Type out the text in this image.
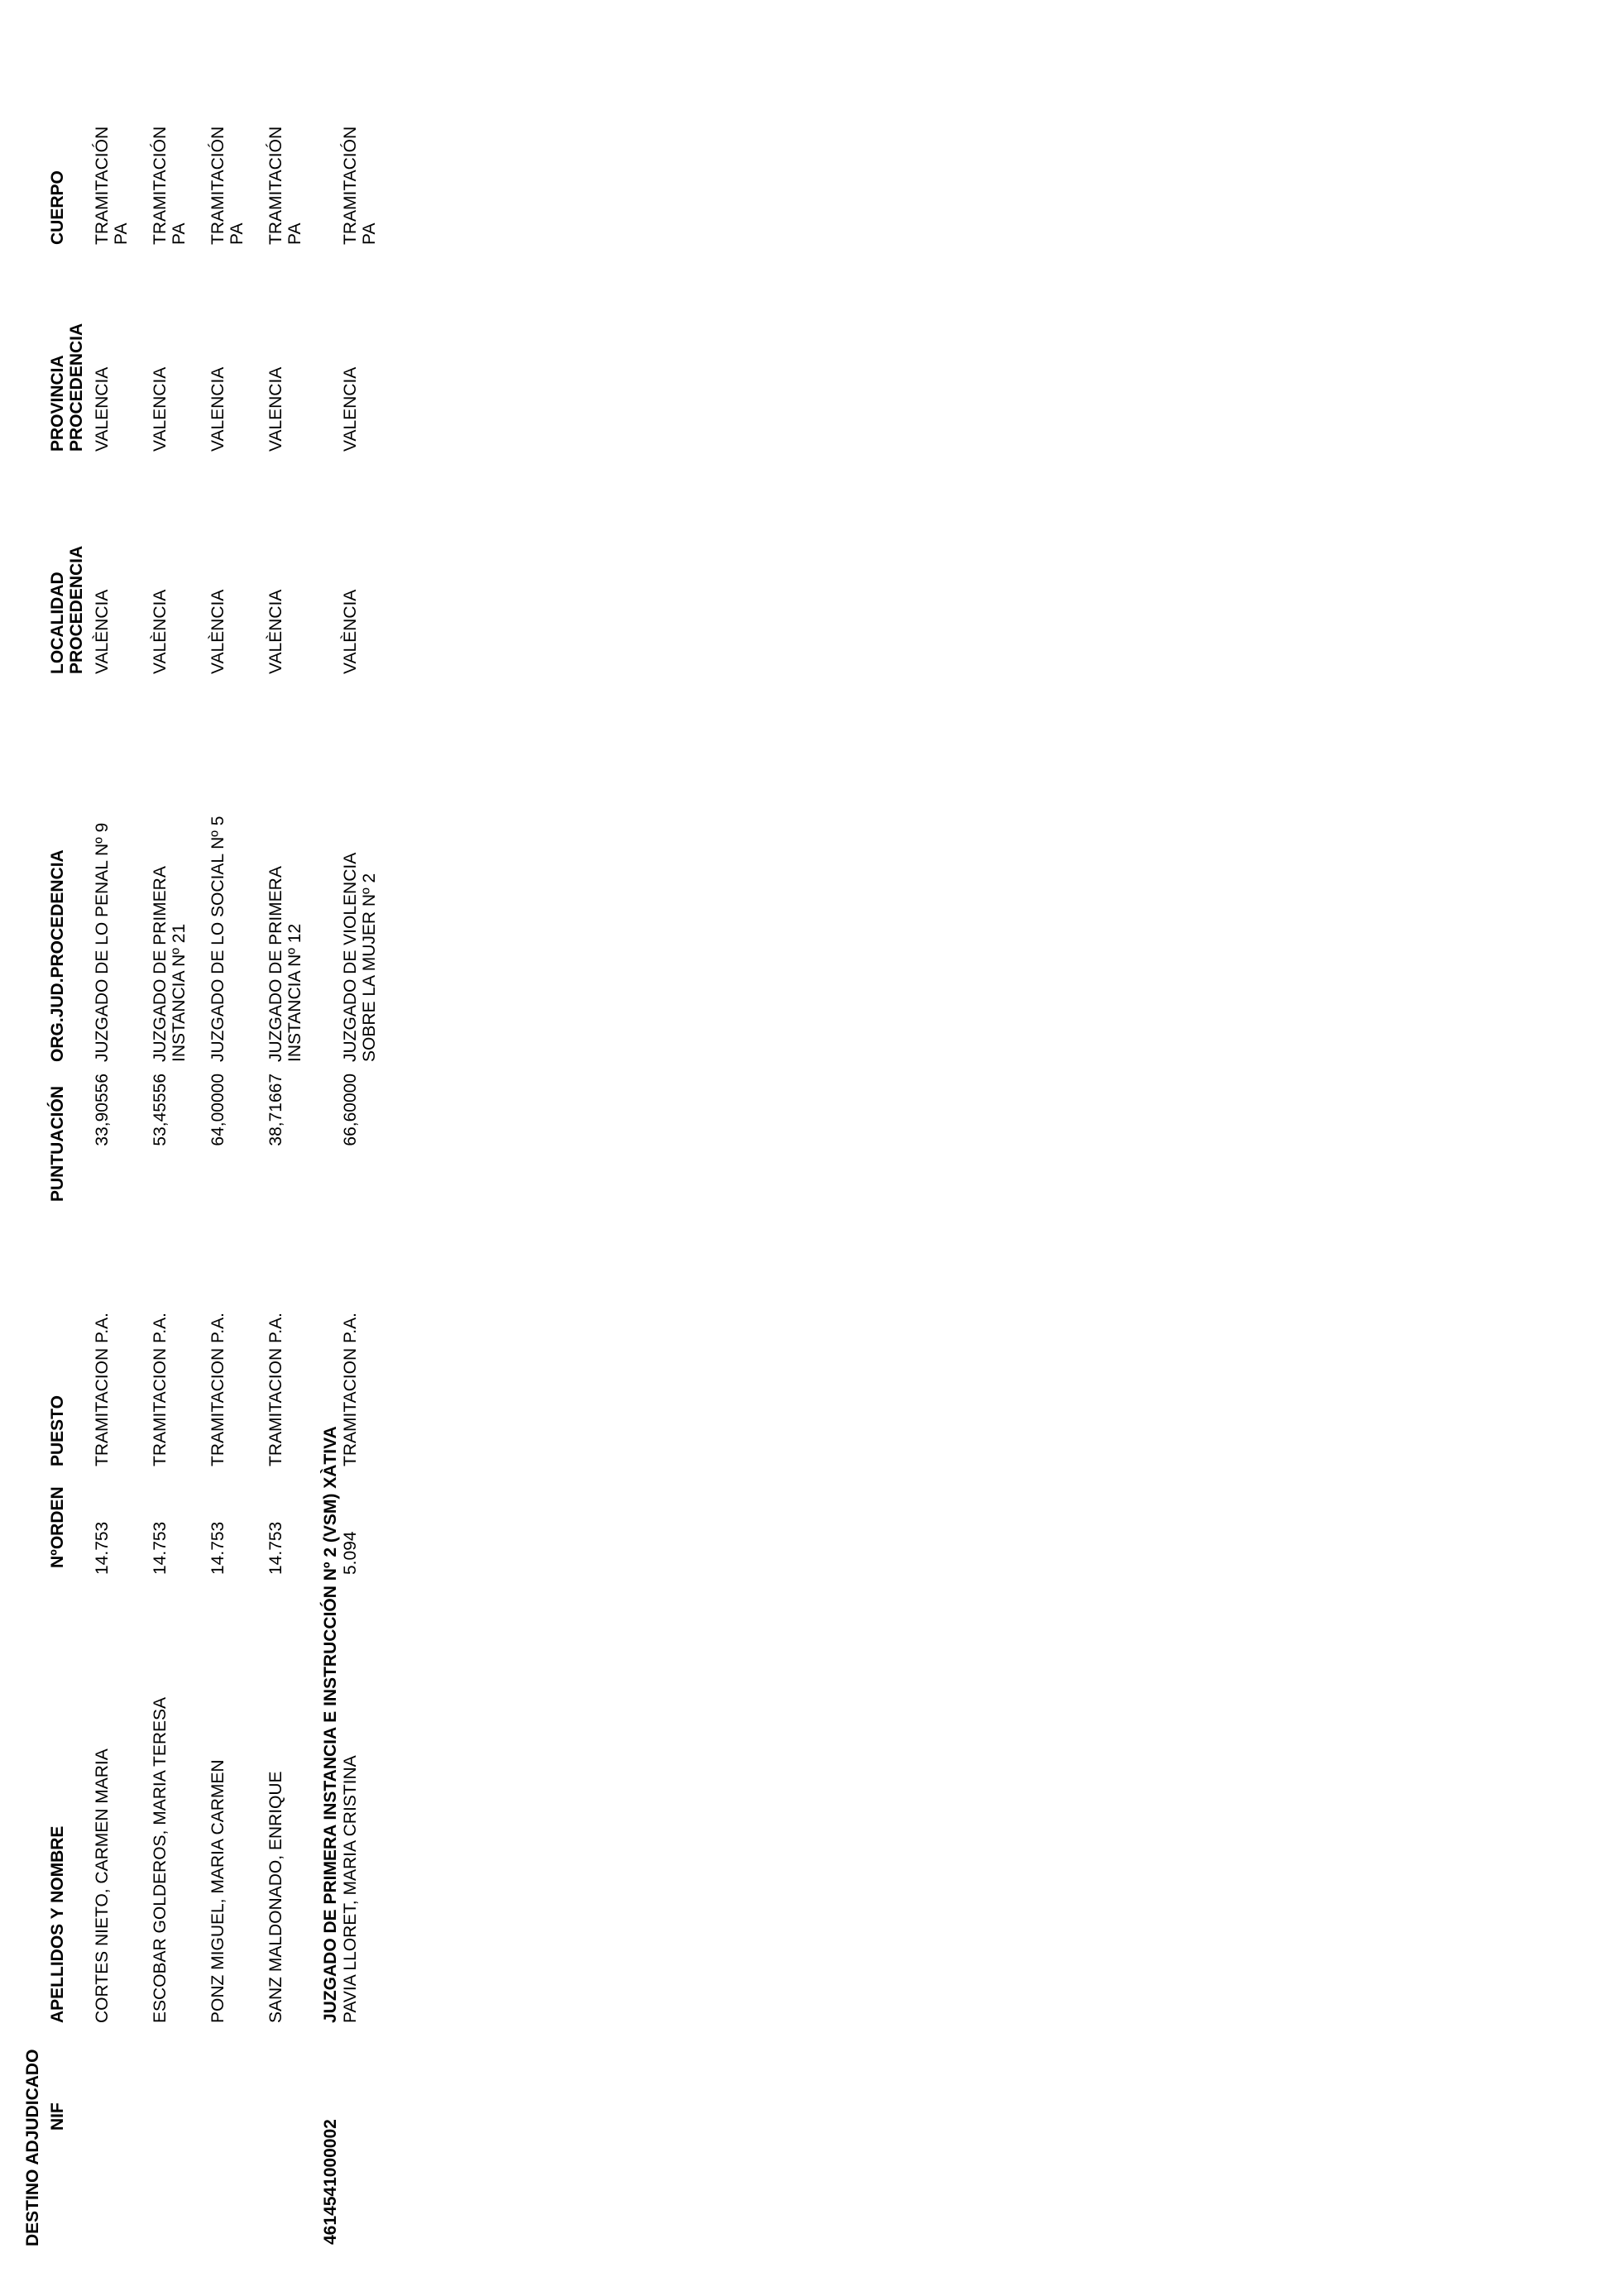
DESTINO ADJUDICADO NIF
APELLIDOS Y NOMBRE
NºORDEN
PUESTO
PUNTUACIÓN
ORG.JUD.PROCEDENCIA
LOCALIDAD PROCEDENCIA
PROVINCIA PROCEDENCIA
CUERPO
CORTES NIETO, CARMEN MARIA
14.753
TRAMITACION P.A.
33,90556
JUZGADO DE LO PENAL Nº 9
VALÈNCIA
VALENCIA
TRAMITACIÓN PA
ESCOBAR GOLDEROS, MARIA TERESA
14.753
TRAMITACION P.A.
53,45556
JUZGADO DE PRIMERA INSTANCIA Nº 21
VALÈNCIA
VALENCIA
TRAMITACIÓN PA
PONZ MIGUEL, MARIA CARMEN
14.753
TRAMITACION P.A.
64,00000
JUZGADO DE LO SOCIAL Nº 5
VALÈNCIA
VALENCIA
TRAMITACIÓN PA
SANZ MALDONADO, ENRIQUE
14.753
TRAMITACION P.A.
38,71667
JUZGADO DE PRIMERA INSTANCIA Nº 12
VALÈNCIA
VALENCIA
TRAMITACIÓN PA
4614541000002
JUZGADO DE PRIMERA INSTANCIA E INSTRUCCIÓN Nº 2 (VSM) XÀTIVA PAVIA LLORET, MARIA CRISTINA
5.094
TRAMITACION P.A.
66,60000
JUZGADO DE VIOLENCIA SOBRE LA MUJER Nº 2
VALÈNCIA
VALENCIA
TRAMITACIÓN PA
